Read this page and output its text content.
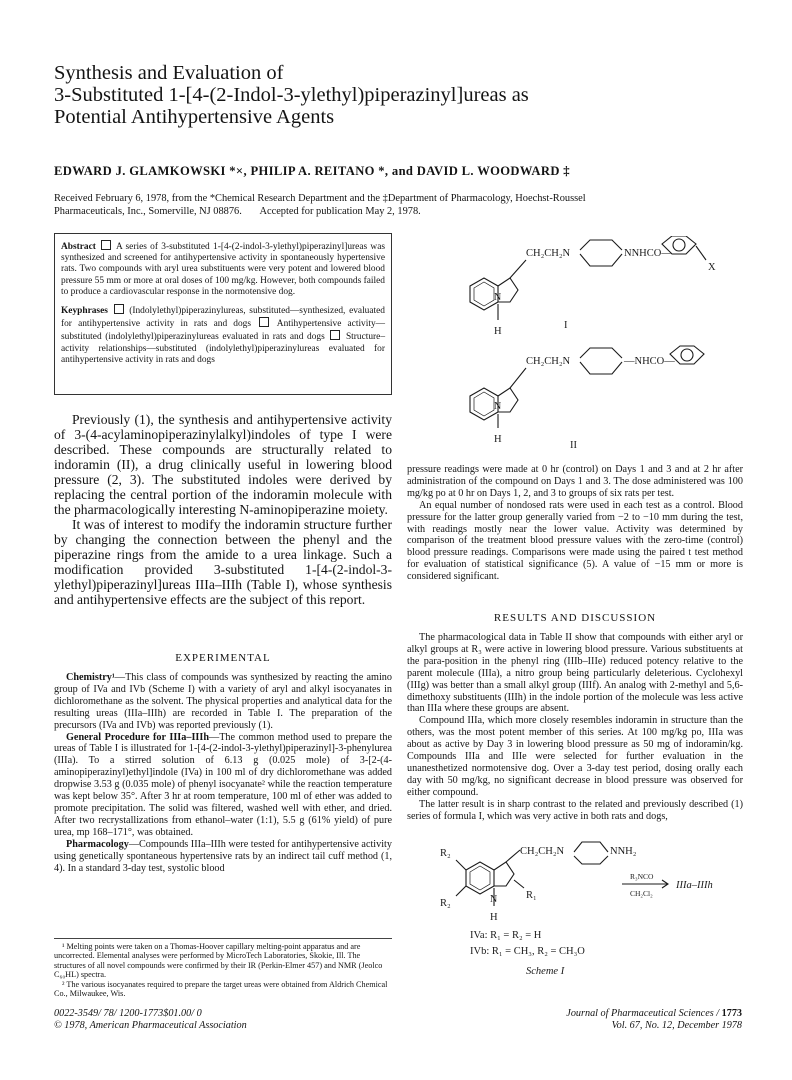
Synthesis and Evaluation of
3-Substituted 1-[4-(2-Indol-3-ylethyl)piperazinyl]ureas as
Potential Antihypertensive Agents
EDWARD J. GLAMKOWSKI *×, PHILIP A. REITANO *, and DAVID L. WOODWARD ‡
Received February 6, 1978, from the *Chemical Research Department and the ‡Department of Pharmacology, Hoechst-Roussel
Pharmaceuticals, Inc., Somerville, NJ 08876.       Accepted for publication May 2, 1978.

Abstract A series of 3-substituted 1-[4-(2-indol-3-ylethyl)piperazinyl]ureas was synthesized and screened for antihypertensive activity in spontaneously hypertensive rats. Two compounds with aryl urea substituents were very potent and lowered blood pressure 55 mm or more at oral doses of 100 mg/kg. However, both compounds failed to produce a cardiovascular response in the normotensive dog.

Keyphrases (Indolylethyl)piperazinylureas, substituted—synthesized, evaluated for antihypertensive activity in rats and dogs	Antihypertensive activity—substituted (indolylethyl)piperazinylureas evaluated in rats and dogs Structure–activity relationships—substituted (indolylethyl)piperazinylureas evaluated for antihypertensive activity in rats and dogs

Previously (1), the synthesis and antihypertensive activity of 3-(4-acylaminopiperazinylalkyl)indoles of type I were described. These compounds are structurally related to indoramin (II), a drug clinically useful in lowering blood pressure (2, 3). The substituted indoles were derived by replacing the central portion of the indoramin molecule with the pharmacologically interesting N-aminopiperazine moiety.

It was of interest to modify the indoramin structure further by changing the connection between the phenyl and the piperazine rings from the amide to a urea linkage. Such a modification provided 3-substituted 1-[4-(2-indol-3-ylethyl)piperazinyl]ureas IIIa–IIIh (Table I), whose synthesis and antihypertensive effects are the subject of this report.

EXPERIMENTAL

Chemistry¹—This class of compounds was synthesized by reacting the amino group of IVa and IVb (Scheme I) with a variety of aryl and alkyl isocyanates in dichloromethane as the solvent. The physical properties and analytical data for the resulting ureas (IIIa–IIIh) are recorded in Table I. The preparation of the precursors (IVa and IVb) was reported previously (1).

General Procedure for IIIa–IIIh—The common method used to prepare the ureas of Table I is illustrated for 1-[4-(2-indol-3-ylethyl)piperazinyl]-3-phenylurea (IIIa). To a stirred solution of 6.13 g (0.025 mole) of 3-[2-(4-aminopiperazinyl)ethyl]indole (IVa) in 100 ml of dry dichloromethane was added dropwise 3.53 g (0.035 mole) of phenyl isocyanate² while the reaction temperature was kept below 35°. After 3 hr at room temperature, 100 ml of ether was added to promote precipitation. The solid was filtered, washed well with ether, and dried. After two recrystallizations from ethanol–water (1:1), 5.5 g (61% yield) of pure urea, mp 168–171°, was obtained.

Pharmacology—Compounds IIIa–IIIh were tested for antihypertensive activity using genetically spontaneous hypertensive rats by an indirect tail cuff method (1, 4). In a standard 3-day test, systolic blood

¹ Melting points were taken on a Thomas-Hoover capillary melting-point apparatus and are uncorrected. Elemental analyses were performed by MicroTech Laboratories, Skokie, Ill. The structures of all novel compounds were confirmed by their IR (Perkin-Elmer 457) and NMR (Jeolco C₆₀HL) spectra.

² The various isocyanates required to prepare the target ureas were obtained from Aldrich Chemical Co., Milwaukee, Wis.

CH₂CH₂N	NNHCO—
X
N
H
I
CH₂CH₂N	—NHCO—
N
H
II

pressure readings were made at 0 hr (control) on Days 1 and 3 and at 2 hr after administration of the compound on Days 1 and 3. The dose administered was 100 mg/kg po at 0 hr on Days 1, 2, and 3 to groups of six rats per test.

An equal number of nondosed rats were used in each test as a control. Blood pressure for the latter group generally varied from −2 to −10 mm during the test, with readings mostly near the lower value. Activity was determined by comparison of the treatment blood pressure values with the zero-time (control) blood pressure readings. Comparisons were made using the paired t test method for evaluation of statistical significance (5). A value of −15 mm or more is considered significant.

RESULTS AND DISCUSSION

The pharmacological data in Table II show that compounds with either aryl or alkyl groups at R₃ were active in lowering blood pressure. Various substituents at the para-position in the phenyl ring (IIIb–IIIe) reduced potency relative to the parent molecule (IIIa), a nitro group being particularly deleterious. Cyclohexyl (IIIg) was better than a small alkyl group (IIIf). An analog with 2-methyl and 5,6-dimethoxy substituents (IIIh) in the indole portion of the molecule was less active than IIIa where these groups are absent.

Compound IIIa, which more closely resembles indoramin in structure than the others, was the most potent member of this series. At 100 mg/kg po, IIIa was about as active by Day 3 in lowering blood pressure as 50 mg of indoramin/kg. Compounds IIIa and IIIe were selected for further evaluation in the unanesthetized normotensive dog. Over a 3-day test period, dosing orally each day with 50 mg/kg, no significant decrease in blood pressure was observed for either compound.

The latter result is in sharp contrast to the related and previously described (1) series of formula I, which was very active in both rats and dogs,

R₂
R₂
CH₂CH₂N	NNH₂
R₁
N
H
R₃NCO
CH₂Cl₂
IIIa–IIIh
IVa: R₁ = R₂ = H
IVb: R₁ = CH₃, R₂ = CH₃O
Scheme I
0022-3549/ 78/ 1200-1773$01.00/ 0
© 1978, American Pharmaceutical Association
Journal of Pharmaceutical Sciences / 1773
Vol. 67, No. 12, December 1978
